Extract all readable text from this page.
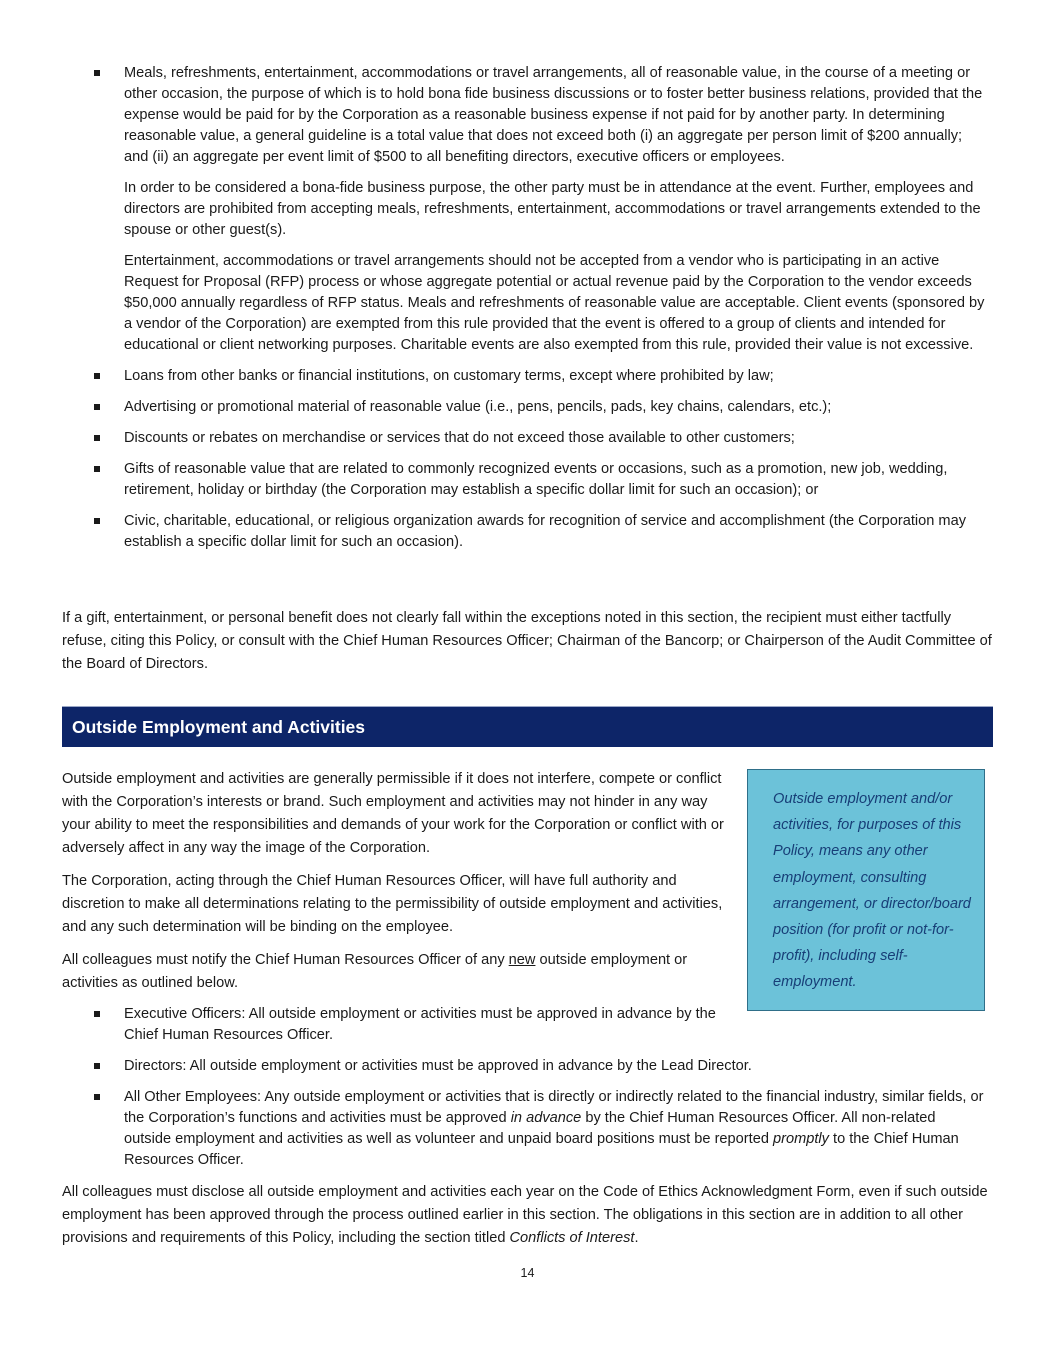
Meals, refreshments, entertainment, accommodations or travel arrangements, all of reasonable value, in the course of a meeting or other occasion, the purpose of which is to hold bona fide business discussions or to foster better business relations, provided that the expense would be paid for by the Corporation as a reasonable business expense if not paid for by another party. In determining reasonable value, a general guideline is a total value that does not exceed both (i) an aggregate per person limit of $200 annually; and (ii) an aggregate per event limit of $500 to all benefiting directors, executive officers or employees.

In order to be considered a bona-fide business purpose, the other party must be in attendance at the event. Further, employees and directors are prohibited from accepting meals, refreshments, entertainment, accommodations or travel arrangements extended to the spouse or other guest(s).

Entertainment, accommodations or travel arrangements should not be accepted from a vendor who is participating in an active Request for Proposal (RFP) process or whose aggregate potential or actual revenue paid by the Corporation to the vendor exceeds $50,000 annually regardless of RFP status. Meals and refreshments of reasonable value are acceptable. Client events (sponsored by a vendor of the Corporation) are exempted from this rule provided that the event is offered to a group of clients and intended for educational or client networking purposes. Charitable events are also exempted from this rule, provided their value is not excessive.

Loans from other banks or financial institutions, on customary terms, except where prohibited by law;

Advertising or promotional material of reasonable value (i.e., pens, pencils, pads, key chains, calendars, etc.);

Discounts or rebates on merchandise or services that do not exceed those available to other customers;

Gifts of reasonable value that are related to commonly recognized events or occasions, such as a promotion, new job, wedding, retirement, holiday or birthday (the Corporation may establish a specific dollar limit for such an occasion); or

Civic, charitable, educational, or religious organization awards for recognition of service and accomplishment (the Corporation may establish a specific dollar limit for such an occasion).

If a gift, entertainment, or personal benefit does not clearly fall within the exceptions noted in this section, the recipient must either tactfully refuse, citing this Policy, or consult with the Chief Human Resources Officer; Chairman of the Bancorp; or Chairperson of the Audit Committee of the Board of Directors.

Outside Employment and Activities

Outside employment and activities are generally permissible if it does not interfere, compete or conflict with the Corporation’s interests or brand. Such employment and activities may not hinder in any way your ability to meet the responsibilities and demands of your work for the Corporation or conflict with or adversely affect in any way the image of the Corporation.

The Corporation, acting through the Chief Human Resources Officer, will have full authority and discretion to make all determinations relating to the permissibility of outside employment and activities, and any such determination will be binding on the employee.

All colleagues must notify the Chief Human Resources Officer of any new outside employment or activities as outlined below.

Outside employment and/or activities, for purposes of this Policy, means any other employment, consulting arrangement, or director/board position (for profit or not-for-profit), including self-employment.

Executive Officers: All outside employment or activities must be approved in advance by the Chief Human Resources Officer.

Directors: All outside employment or activities must be approved in advance by the Lead Director.

All Other Employees: Any outside employment or activities that is directly or indirectly related to the financial industry, similar fields, or the Corporation’s functions and activities must be approved in advance by the Chief Human Resources Officer. All non-related outside employment and activities as well as volunteer and unpaid board positions must be reported promptly to the Chief Human Resources Officer.

All colleagues must disclose all outside employment and activities each year on the Code of Ethics Acknowledgment Form, even if such outside employment has been approved through the process outlined earlier in this section. The obligations in this section are in addition to all other provisions and requirements of this Policy, including the section titled Conflicts of Interest.

14
